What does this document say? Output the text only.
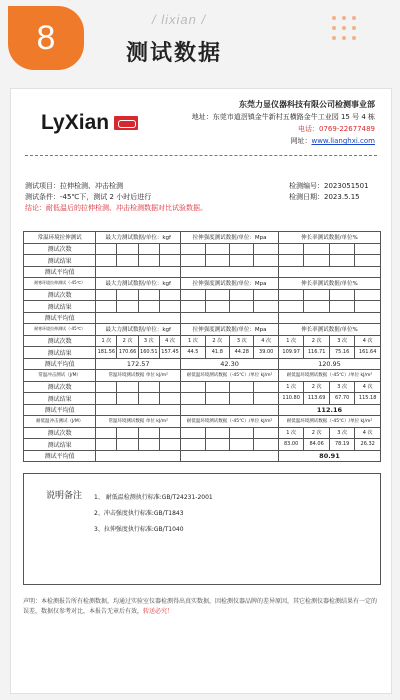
8	/ lixian /
测试数据
LyXian
东莞力显仪器科技有限公司检测事业部
地址：东莞市道滘镇金牛新村五横路金牛工业园 15 号 4 栋
电话：0769-22677489
网址：www.lianghxi.com
测试项目：拉伸检测、冲击检测
测试条件：-45℃下，测试 2 小时后进行
结论：耐低温后的拉伸检测、冲击检测数据对比试验数据。
检测编号：2023051501
检测日期：2023.5.15
常温环境拉伸测试	最大力测试数据/单位：kgf				拉伸强度测试数据/单位：Mpa				伸长率测试数据/单位%			
测试次数												
测试结果												
测试平均值												
耐寒环境拉伸测试（-45℃）	最大力测试数据/单位：kgf				拉伸强度测试数据/单位：Mpa				伸长率测试数据/单位%			
测试次数												
测试结果												
测试平均值												
耐寒环境拉伸测试（-45℃）	最大力测试数据/单位：kgf				拉伸强度测试数据/单位：Mpa				伸长率测试数据/单位%			
测试次数	1 次	2 次	3 次	4 次	1 次	2 次	3 次	4 次	1 次	2 次	3 次	4 次
测试结果	181.56	170.66	160.51	157.45	44.5	41.8	44.28	39.00	109.97	116.71	75.16	161.64
测试平均值	172.57				42.30				120.95			
常温冲击测试（J/M）	常温环境测试数据 单位 kJ/m²				耐低温环境测试数据（-45℃）/单位 kJ/m²				耐低温环境测试数据（-45℃）/单位 kJ/m²			
测试次数									1 次	2 次	3 次	4 次
测试结果									110.80	113.69	67.70	115.18
测试平均值									112.16			
耐低温冲击测试（J/M）	常温环境测试数据 单位 kJ/m²				耐低温环境测试数据（-45℃）/单位 kJ/m²				耐低温环境测试数据（-45℃）/单位 kJ/m²			
测试次数									1 次	2 次	3 次	4 次
测试结果									83.00	84.06	78.19	26.32
测试平均值									80.91			
说明备注 1、 耐低温检测执行标准:GB/T24231-2001
2、冲击强度执行标准:GB/T1843
3、拉伸强度执行标准:GB/T1040
声明：本检测报告所有检测数据，均通过实验室仪器检测得出真实数据，因检测仪器品牌的差异原因，其它检测仪器检测结果有一定的误差，数据仅参考对比，本报告无章后有效，转送必究！
